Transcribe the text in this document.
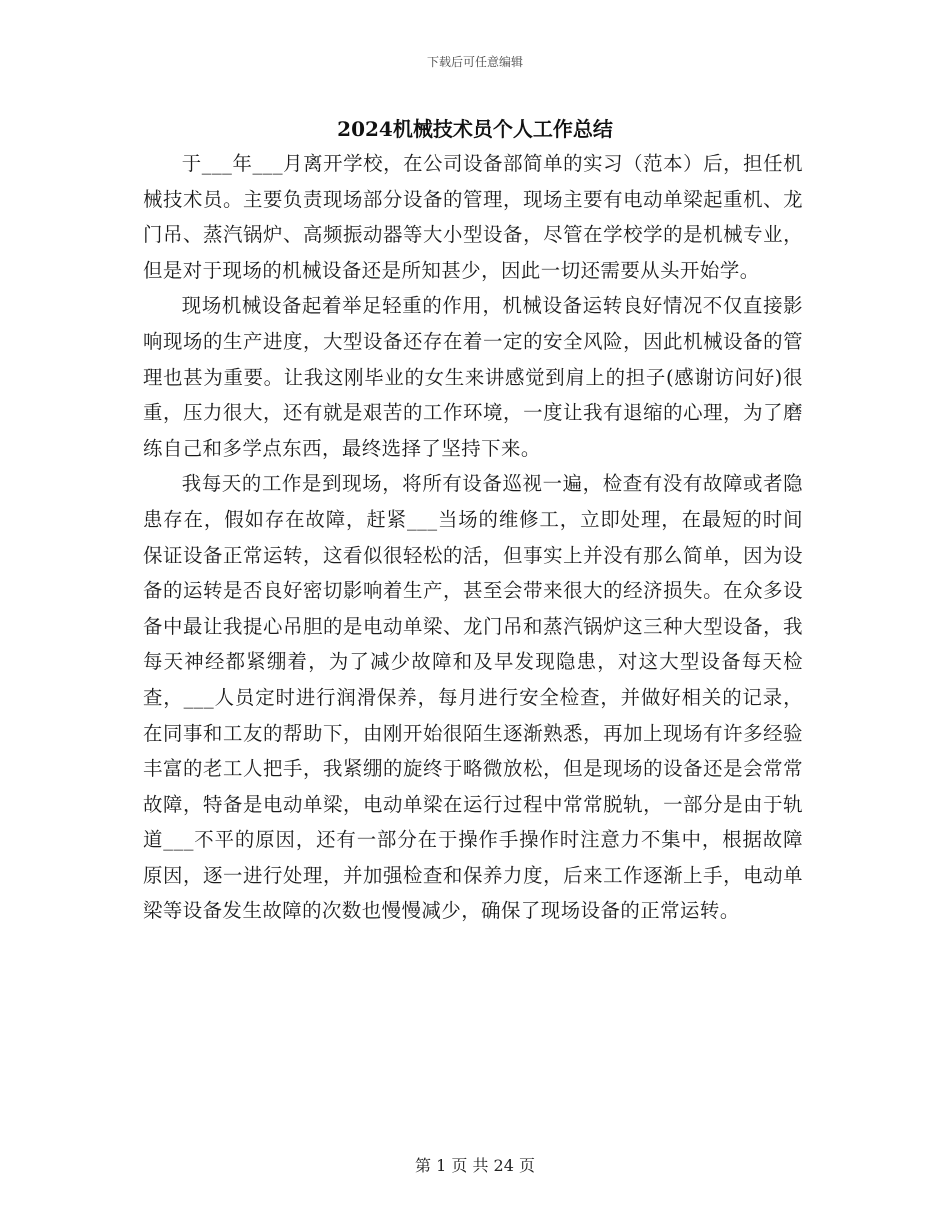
下载后可任意编辑
2024机械技术员个人工作总结

于___年___月离开学校，在公司设备部简单的实习（范本）后，担任机械技术员。主要负责现场部分设备的管理，现场主要有电动单梁起重机、龙门吊、蒸汽锅炉、高频振动器等大小型设备，尽管在学校学的是机械专业，但是对于现场的机械设备还是所知甚少，因此一切还需要从头开始学。

现场机械设备起着举足轻重的作用，机械设备运转良好情况不仅直接影响现场的生产进度，大型设备还存在着一定的安全风险，因此机械设备的管理也甚为重要。让我这刚毕业的女生来讲感觉到肩上的担子(感谢访问好)很重，压力很大，还有就是艰苦的工作环境，一度让我有退缩的心理，为了磨练自己和多学点东西，最终选择了坚持下来。

我每天的工作是到现场，将所有设备巡视一遍，检查有没有故障或者隐患存在，假如存在故障，赶紧___当场的维修工，立即处理，在最短的时间保证设备正常运转，这看似很轻松的活，但事实上并没有那么简单，因为设备的运转是否良好密切影响着生产，甚至会带来很大的经济损失。在众多设备中最让我提心吊胆的是电动单梁、龙门吊和蒸汽锅炉这三种大型设备，我每天神经都紧绷着，为了减少故障和及早发现隐患，对这大型设备每天检查，___人员定时进行润滑保养，每月进行安全检查，并做好相关的记录，在同事和工友的帮助下，由刚开始很陌生逐渐熟悉，再加上现场有许多经验丰富的老工人把手，我紧绷的旋终于略微放松，但是现场的设备还是会常常故障，特备是电动单梁，电动单梁在运行过程中常常脱轨，一部分是由于轨道___不平的原因，还有一部分在于操作手操作时注意力不集中，根据故障原因，逐一进行处理，并加强检查和保养力度，后来工作逐渐上手，电动单梁等设备发生故障的次数也慢慢减少，确保了现场设备的正常运转。

第 1 页 共 24 页
